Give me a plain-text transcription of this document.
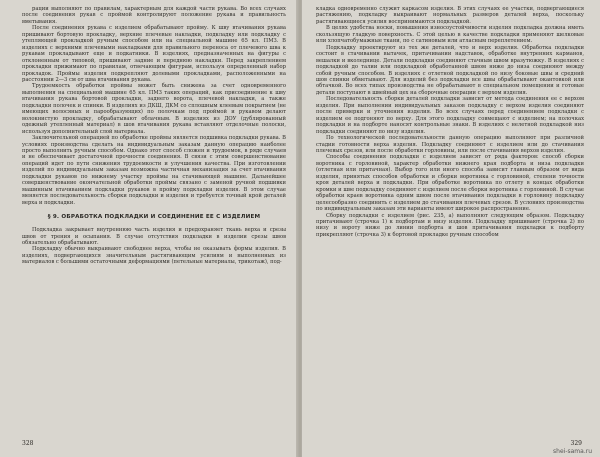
рации выполняют по правилам, характерным для каждой части рукава. Во всех случаях после соединения рукав с проймой контролируют положение рукава и правильность вметывания.

После соединения рукава с изделием обрабатывают пройму. К шву втачивания рукава пришивают бортовую прокладку, верхние плечевые накладки, подкладку или подкладку с утепляющей прокладкой ручным способом или на специальной машине 65 кл. ПМЗ. В изделиях с верхними плечевыми накладками для правильного переноса от плечевого шва к рукавам прокладывают еще и подкатники. В изделиях, предназначенных на фигуры с отклоненным от типовой, пришивают задние и переднюю накладки. Перед закреплением прокладки прижимают по правилам, отвечающим фигурам, используя определенный набор прокладок. Проймы изделия подкрепляют долевыми прокладками, расположенными на расстоянии 2—3 см от шва втачивания рукава.

Трудоемкость обработки проймы может быть снижена за счет одновременного выполнения на специальной машине 65 кл. ПМЗ таких операций, как присоединение к шву втачивания рукава бортовой прокладки, заднего ворота, плечевой накладки, а также подкладки полочек и спинки. В изделиях из ДКШ, ДКМ со сплошным клеевым покрытием (не имеющих волосяных и парообразующих) по полочкам под проймой и рукавом делают волокнистую прокладку, обрабатывают облачным. В изделиях из ДОУ (дублированный одежный утепленный материал) в шов втачивания рукава вставляют отделочные полоски, используя дополнительный слой материала.

Заключительной операцией по обработке проймы является подшивка подкладки рукава. В условиях производства сделать на индивидуальным заказам данную операцию наиболее просто выполнить ручным способом. Однако этот способ сложен и трудоемок, в ряде случаев и не обеспечивает достаточной прочности соединения. В связи с этим совершенствование операций идет по пути снижения трудоемкости и улучшения качества. При изготовлении изделий по индивидуальным заказам возможна частичная механизация за счет втачивания подкладки рукавов по нижнему участку проймы на стачивающей машине. Дальнейшее совершенствование окончательной обработки проймы связано с заменой ручной подшивки машинным втачиванием подкладки рукавов в пройму подкладки изделия. В этом случае меняется последовательность сборки подкладки и изделия и требуется точный крой деталей верха и подкладки.

§ 9. ОБРАБОТКА ПОДКЛАДКИ И СОЕДИНЕНИЕ ЕЕ С ИЗДЕЛИЕМ

Подкладка закрывает внутреннюю часть изделия и предохраняет ткань верха и срезы швов от трения и осыпания. В случае отсутствия подкладки в изделии срезы швов обязательно обрабатывают.

Подкладку обычно выкраивают свободнее верха, чтобы не оказывать формы изделия. В изделиях, подвергающихся значительным растягивающим усилиям и выполненных из материалов с большими остаточными деформациями (петельные материалы, трикотаж), под-

328

кладка одновременно служит каркасом изделия. В этих случаях ее участки, подвергающиеся растяжению, подкладку выкраивают нормальных размеров деталей верха, поскольку растягивающиеся усилия воспринимаются подкладкой.

В целях удобства носки, повышения износоустойчивости изделия подкладка должна иметь скользящую гладкую поверхность. С этой целью в качестве подкладки применяют шелковые или хлопчатобумажные ткани, по с сатиновым или атласным переплетением.

Подкладку проектируют из тех же деталей, что и верх изделия. Обработка подкладки состоит в стачивании вытачек, притачивании надставок, обработке внутренних карманов, вешалки и вколеднице. Детали подкладки соединяют стачным швом вразутюжку. В изделиях с подкладкой до талии или подкладкой обработанной швом ниже до низа соединяют между собой ручным способом. В изделиях с отлетной подкладкой по низу боковые швы и средний шов спинки обметывают. Для изделий без подкладки все швы обрабатывают окантовкой или обтачкой. Во всех типах производства не обрабатывают в специальном помещении и готовые детали поступают в швейный цех на сборочные операции с верхом изделия.

Последовательность сборки деталей подкладки зависит от метода соединения ее с верхом изделия. При выполнении индивидуальных заказов подкладку с верхом изделия соединяют после примерки и уточнения изделия. Во всех случаях перед соединением подкладки с изделием ее подгоняют по верху. Для этого подкладку совмещают с изделием; на полочках подкладки и на подборте наносят контрольные знаки. В изделиях с нелетной подкладкой низ подкладки соединяют по низу изделия.

По технологической последовательности данную операцию выполняют при различной стадии готовности верха изделия. Подкладку соединяют с изделием или до стачивания плечевых срезов, или после обработки горловины, или после стачивания верхов изделия.

Способы соединения подкладки с изделием зависят от ряда факторов: способ сборки воротника с горловиной, характер обработки нижнего края подборта и низа подкладки (отлетная или притачная). Выбор того или иного способа зависит главным образом от вида изделия, принятых способов обработки и сборки воротника с горловиной, степени точности кроя деталей верха и подкладки. При обработке воротника по отлету в концах обработки кромки и шве подкладку соединяют с изделием после сборки воротника с горловиной. В случае обработки краев воротника одним швом после втачивания подкладки в горловину подкладку целесообразно соединить с изделием до стачивания плечевых срезов. В условиях производства по индивидуальным заказам эти варианты имеют широкое распространение.

Сборку подкладки с изделием (рис. 235, а) выполняют следующим образом. Подкладку притачивают (строчка 1) к подбортам и низу изделия. Подкладку пришивают (строчка 2) по низу и вороту ниже до линии подборта и шов притачивания подкладки к подборту прикрепляют (строчка 3) к бортовой прокладке ручным способом

329
shei-sama.ru
